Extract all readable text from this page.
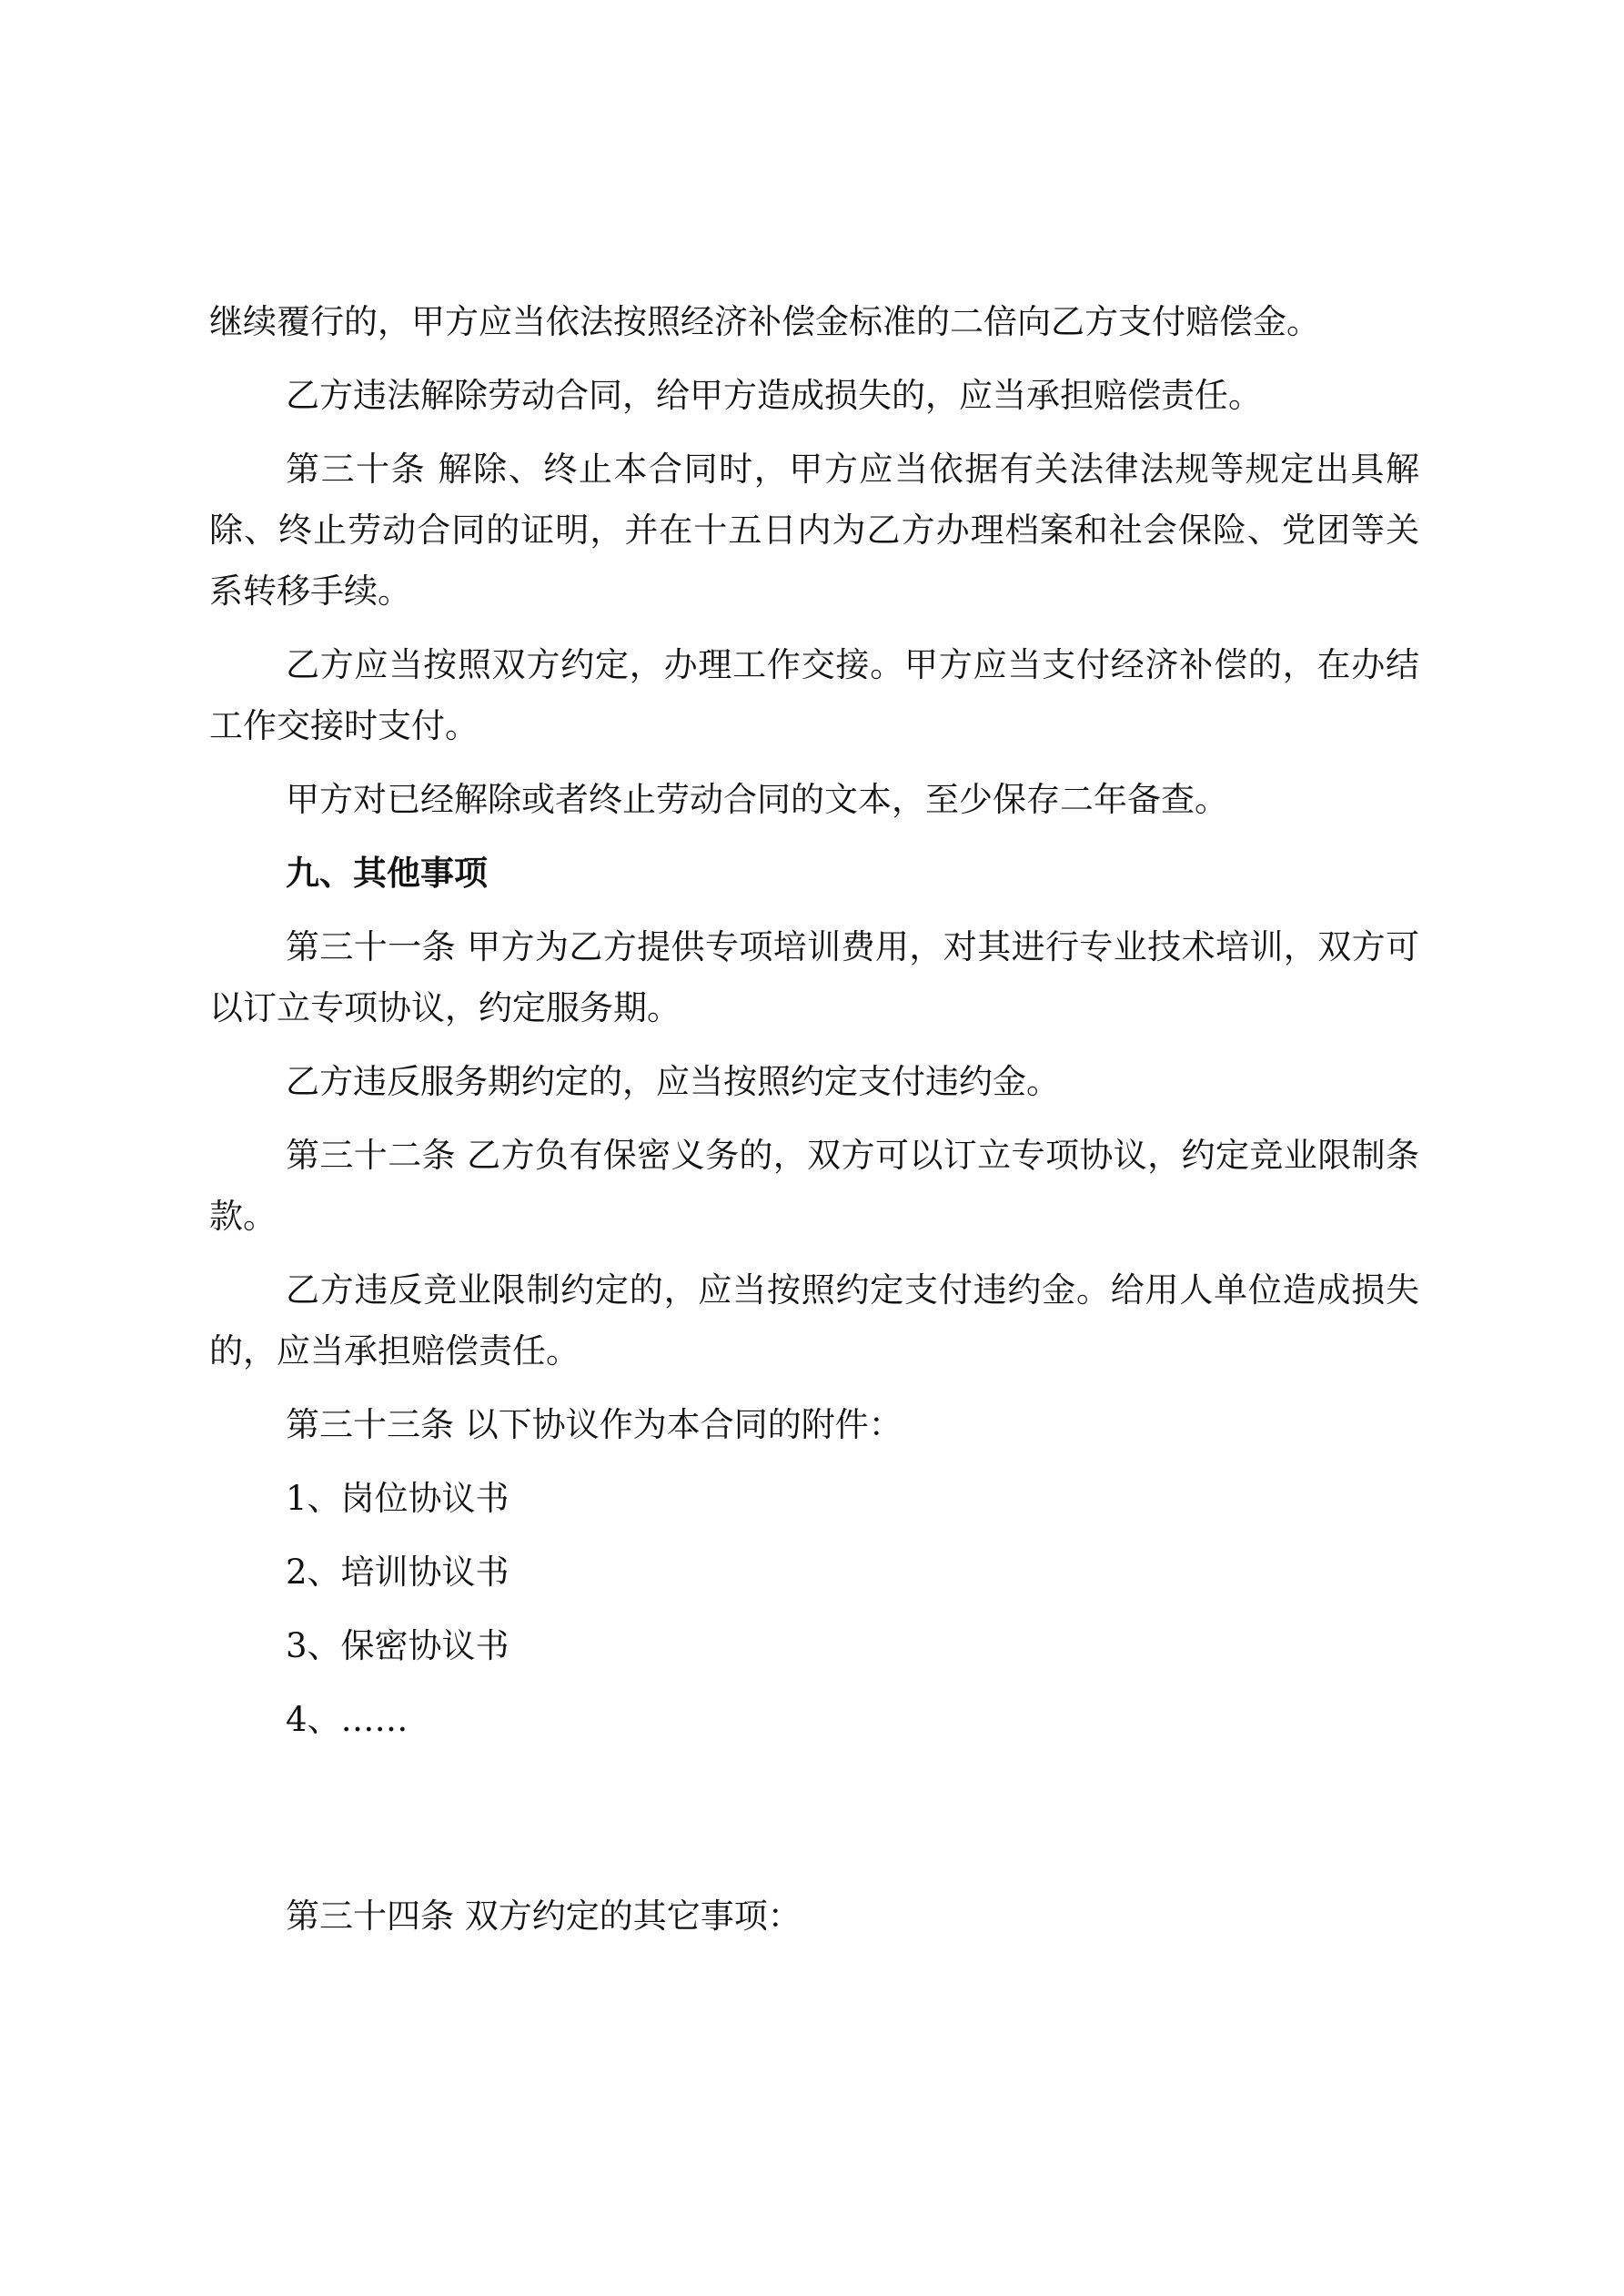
继续覆行的，甲方应当依法按照经济补偿金标准的二倍向乙方支付赔偿金。

乙方违法解除劳动合同，给甲方造成损失的，应当承担赔偿责任。

第三十条 解除、终止本合同时，甲方应当依据有关法律法规等规定出具解除、终止劳动合同的证明，并在十五日内为乙方办理档案和社会保险、党团等关系转移手续。

乙方应当按照双方约定，办理工作交接。甲方应当支付经济补偿的，在办结工作交接时支付。

甲方对已经解除或者终止劳动合同的文本，至少保存二年备查。

九、其他事项

第三十一条 甲方为乙方提供专项培训费用，对其进行专业技术培训，双方可以订立专项协议，约定服务期。

乙方违反服务期约定的，应当按照约定支付违约金。

第三十二条 乙方负有保密义务的，双方可以订立专项协议，约定竞业限制条款。

乙方违反竞业限制约定的，应当按照约定支付违约金。给用人单位造成损失的，应当承担赔偿责任。

第三十三条 以下协议作为本合同的附件：

1、岗位协议书

2、培训协议书

3、保密协议书

4、……

第三十四条 双方约定的其它事项：
